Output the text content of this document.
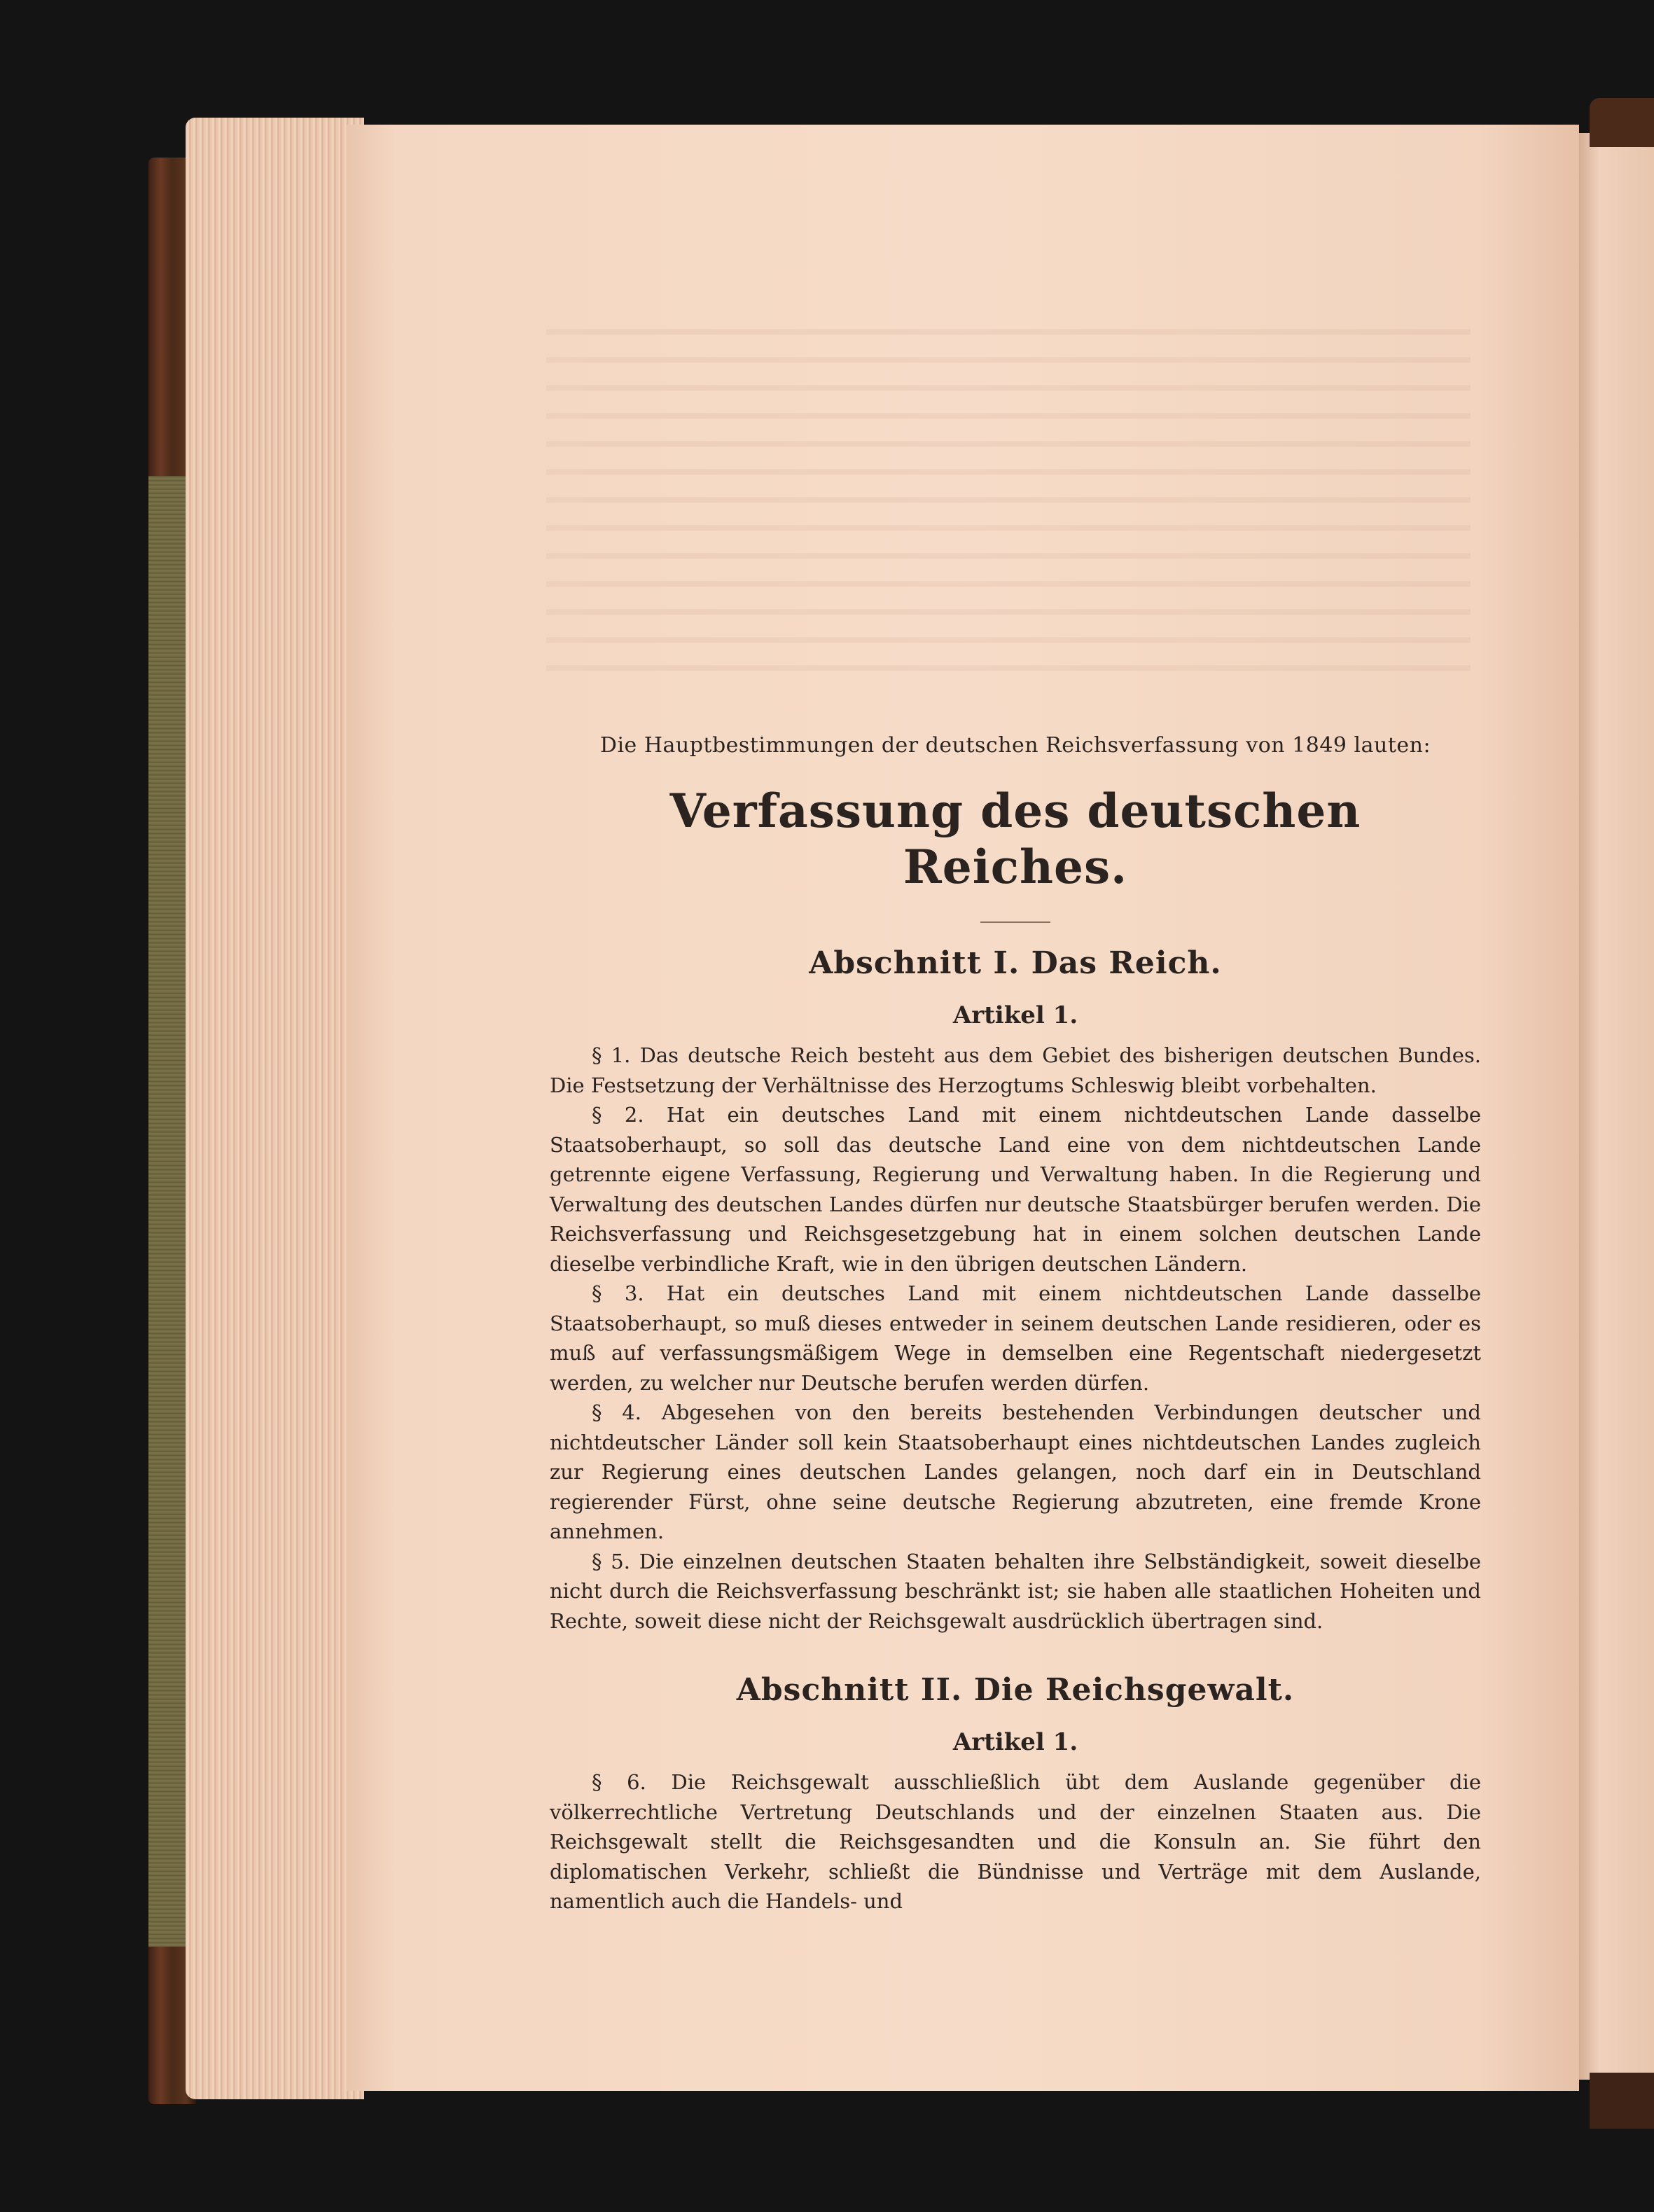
Die Hauptbestimmungen der deutschen Reichsverfassung von 1849 lauten:

Verfassung des deutschen Reiches.
Abschnitt I. Das Reich.
Artikel 1.

§ 1. Das deutsche Reich besteht aus dem Gebiet des bisherigen deutschen Bundes. Die Festsetzung der Verhältnisse des Herzogtums Schleswig bleibt vorbehalten.

§ 2. Hat ein deutsches Land mit einem nichtdeutschen Lande dasselbe Staatsoberhaupt, so soll das deutsche Land eine von dem nichtdeutschen Lande getrennte eigene Verfassung, Regierung und Verwaltung haben. In die Regierung und Verwaltung des deutschen Landes dürfen nur deutsche Staatsbürger berufen werden. Die Reichsverfassung und Reichsgesetzgebung hat in einem solchen deutschen Lande dieselbe verbindliche Kraft, wie in den übrigen deutschen Ländern.

§ 3. Hat ein deutsches Land mit einem nichtdeutschen Lande dasselbe Staatsoberhaupt, so muß dieses entweder in seinem deutschen Lande residieren, oder es muß auf verfassungsmäßigem Wege in demselben eine Regentschaft niedergesetzt werden, zu welcher nur Deutsche berufen werden dürfen.

§ 4. Abgesehen von den bereits bestehenden Verbindungen deutscher und nichtdeutscher Länder soll kein Staatsoberhaupt eines nichtdeutschen Landes zugleich zur Regierung eines deutschen Landes gelangen, noch darf ein in Deutschland regierender Fürst, ohne seine deutsche Regierung abzutreten, eine fremde Krone annehmen.

§ 5. Die einzelnen deutschen Staaten behalten ihre Selbständigkeit, soweit dieselbe nicht durch die Reichsverfassung beschränkt ist; sie haben alle staatlichen Hoheiten und Rechte, soweit diese nicht der Reichsgewalt ausdrücklich übertragen sind.

Abschnitt II. Die Reichsgewalt.
Artikel 1.

§ 6. Die Reichsgewalt ausschließlich übt dem Auslande gegenüber die völkerrechtliche Vertretung Deutschlands und der einzelnen Staaten aus. Die Reichsgewalt stellt die Reichsgesandten und die Konsuln an. Sie führt den diplomatischen Verkehr, schließt die Bündnisse und Verträge mit dem Auslande, namentlich auch die Handels- und
